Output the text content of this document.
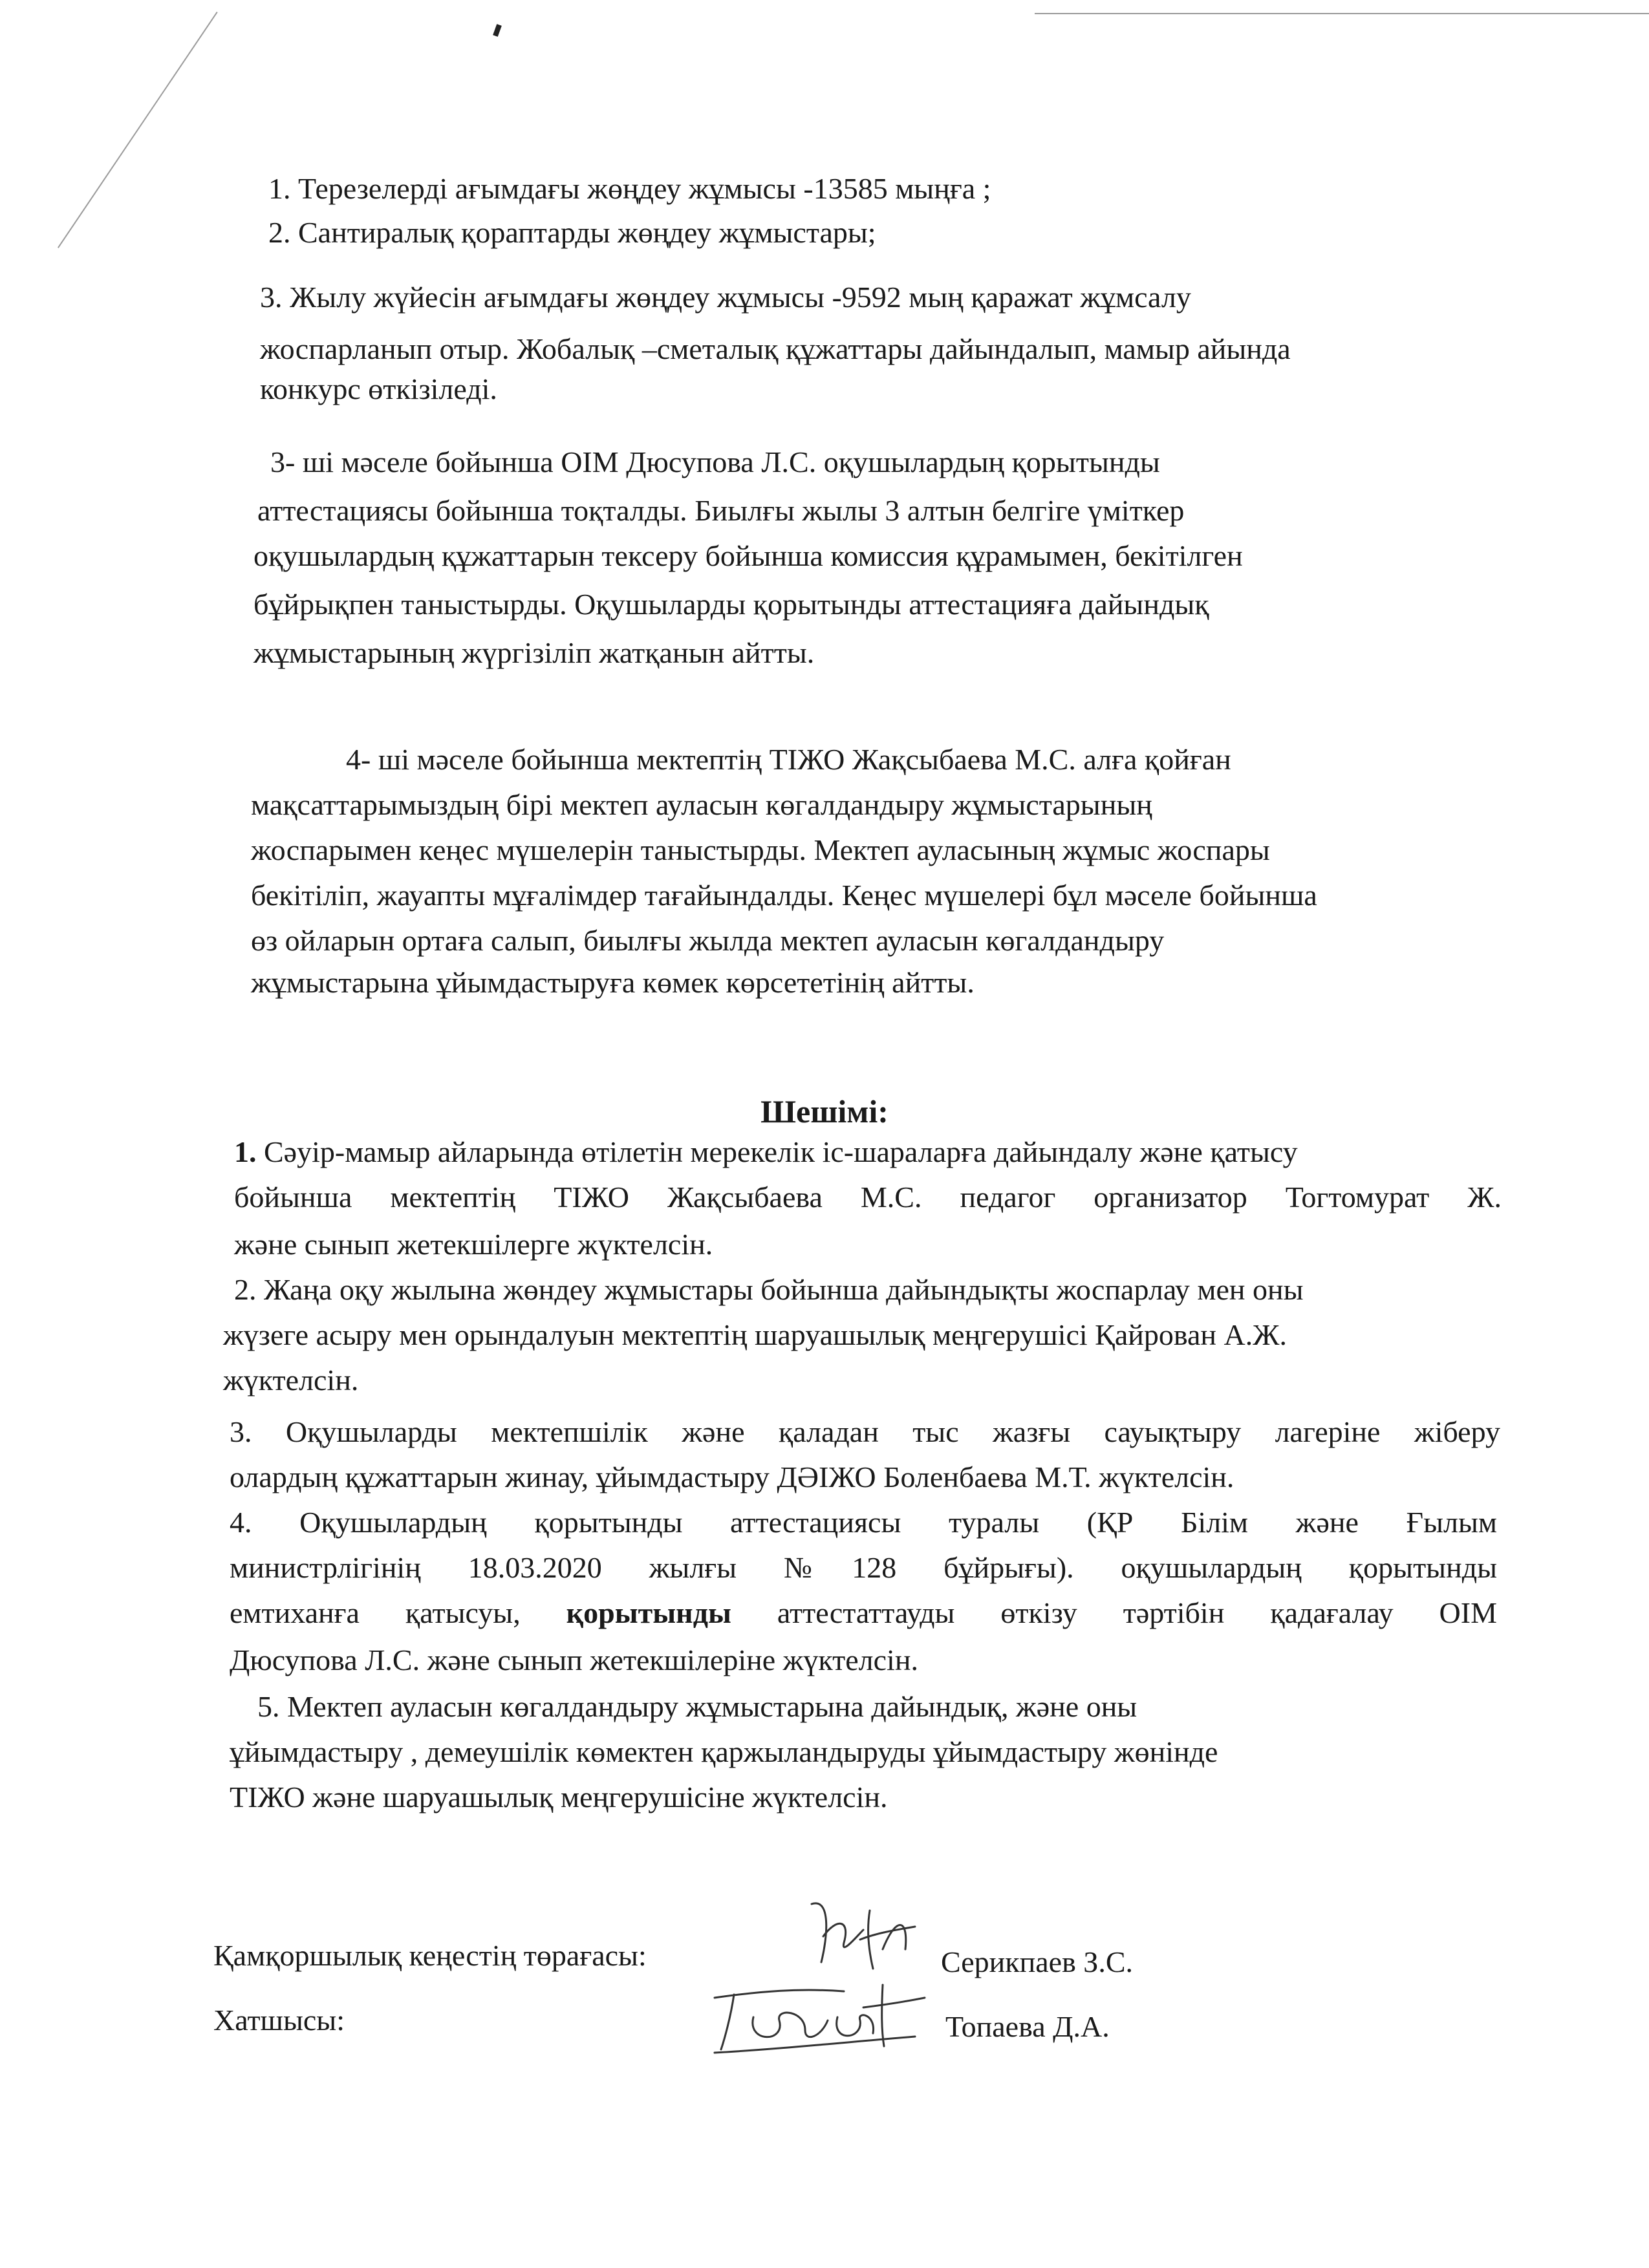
1. Терезелерді ағымдағы жөңдеу жұмысы -13585 мыңға ;
2. Сантиралық қораптарды жөңдеу жұмыстары;
3. Жылу жүйесін ағымдағы жөңдеу жұмысы -9592 мың қаражат жұмсалу
жоспарланып отыр. Жобалық –сметалық құжаттары дайындалып, мамыр айында
конкурс өткізіледі.
3- ші мәселе бойынша ОІМ Дюсупова Л.С. оқушылардың қорытынды
аттестациясы бойынша тоқталды. Биылғы жылы 3 алтын белгіге үміткер
оқушылардың құжаттарын тексеру бойынша комиссия құрамымен, бекітілген
бұйрықпен таныстырды. Оқушыларды қорытынды аттестацияға дайындық
жұмыстарының жүргізіліп жатқанын айтты.
4- ші мәселе бойынша мектептің ТІЖО Жақсыбаева М.С. алға қойған
мақсаттарымыздың бірі мектеп ауласын көгалдандыру жұмыстарының
жоспарымен кеңес мүшелерін таныстырды. Мектеп ауласының жұмыс жоспары
бекітіліп, жауапты мұғалімдер тағайындалды. Кеңес мүшелері бұл мәселе бойынша
өз ойларын ортаға салып, биылғы жылда мектеп ауласын көгалдандыру
жұмыстарына ұйымдастыруға көмек көрсететінің айтты.
Шешімі:
1. Сәуір-мамыр айларында өтілетін мерекелік іс-шараларға дайындалу және қатысу
бойынша мектептің ТІЖО Жақсыбаева М.С. педагог организатор Тогтомурат Ж.
және сынып жетекшілерге жүктелсін.
2. Жаңа оқу жылына жөндеу жұмыстары бойынша дайындықты жоспарлау мен оны
жүзеге асыру мен орындалуын мектептің шаруашылық меңгерушісі Қайрован А.Ж.
жүктелсін.
3. Оқушыларды мектепшілік және қаладан тыс жазғы сауықтыру лагеріне жіберу
олардың құжаттарын жинау, ұйымдастыру ДӘІЖО Боленбаева М.Т. жүктелсін.
4. Оқушылардың қорытынды аттестациясы туралы (ҚР Білім және Ғылым
министрлігінің 18.03.2020 жылғы №128 бұйрығы). оқушылардың қорытынды
емтиханға қатысуы, қорытынды аттестаттауды өткізу тәртібін қадағалау ОІМ
Дюсупова Л.С. және сынып жетекшілеріне жүктелсін.
5. Мектеп ауласын көгалдандыру жұмыстарына дайындық, және оны
ұйымдастыру , демеушілік көмектен қаржыландыруды ұйымдастыру жөнінде
ТІЖО және шаруашылық меңгерушісіне жүктелсін.
Қамқоршылық кеңестің төрағасы:	Серикпаев З.С.
Хатшысы:	Топаева Д.А.
